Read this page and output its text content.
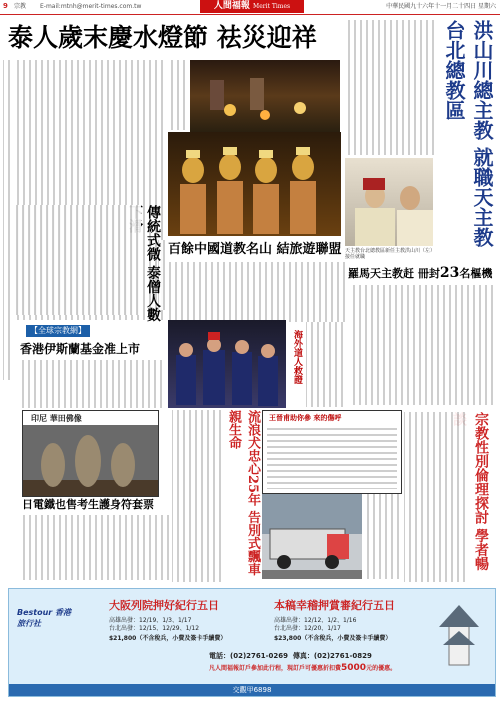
9 宗教 E-mail:mtnh@merit-times.com.tw	人間福報 Merit Times	中華民國九十六年十一月二十四日 星期六
泰人歲末慶水燈節 祛災迎祥
傳統式微 泰僧人數
百餘中國道教名山 結旅遊聯盟
【全球宗教網】
香港伊斯蘭基金准上市	海外道人救證
印尼 華田佛像
日電鐵也售考生護身符套票	流浪犬忠心25年 告別式飄車親生命	王晉甫助你參 來的傷呼	宗教性別倫理探討 學者暢
洪山川總主教 就職天主教台北總教區
天主教台北總教區新任主教洪山川（左）接任就職
羅馬天主教赶 冊封23名樞機
Bestour 香港旅行社
大阪列院押好紀行五日
高雄出發：12/19、1/3、1/17
台北出發：12/15、12/29、1/12
$21,800（不含稅兵，小費及簽卡手續費）
本稿幸稽押賞審紀行五日
高雄出發：12/12、1/2、1/16
台北出發：12/20、1/17
$23,800（不含稅兵，小費及簽卡手續費）
電話：(02)2761-0269 傳真：(02)2761-0829
凡人間福報訂戶參加此行程，現訂戶可優惠折扣費5000元的優惠。
交觀甲6898
